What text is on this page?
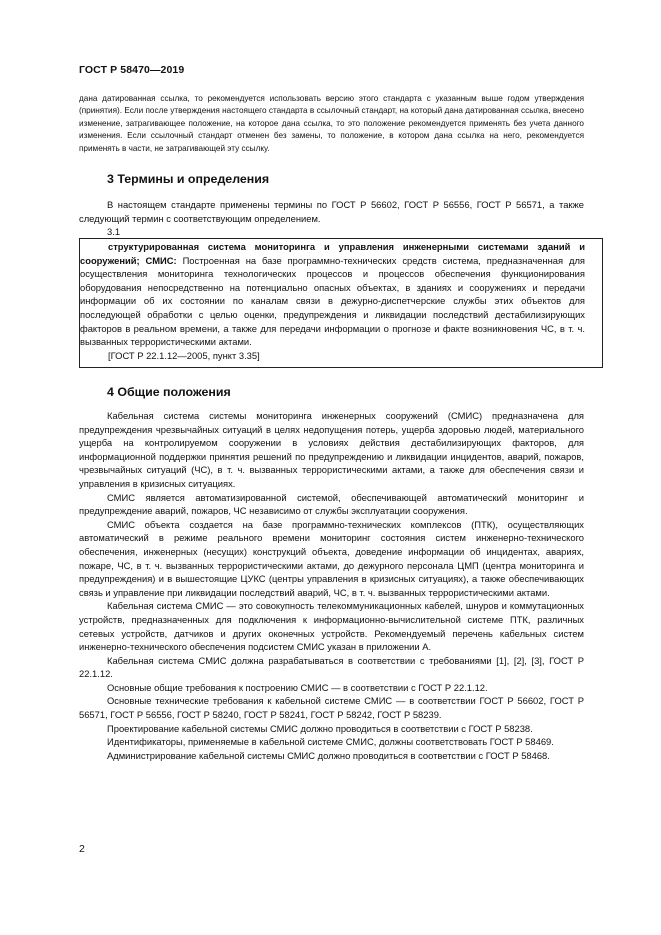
ГОСТ Р 58470—2019

дана датированная ссылка, то рекомендуется использовать версию этого стандарта с указанным выше годом утверждения (принятия). Если после утверждения настоящего стандарта в ссылочный стандарт, на который дана датированная ссылка, внесено изменение, затрагивающее положение, на которое дана ссылка, то это положение рекомендуется применять без учета данного изменения. Если ссылочный стандарт отменен без замены, то положение, в котором дана ссылка на него, рекомендуется применять в части, не затрагивающей эту ссылку.

3 Термины и определения

В настоящем стандарте применены термины по ГОСТ Р 56602, ГОСТ Р 56556, ГОСТ Р 56571, а также следующий термин с соответствующим определением.

3.1

структурированная система мониторинга и управления инженерными системами зданий и сооружений; СМИС: Построенная на базе программно-технических средств система, предназначенная для осуществления мониторинга технологических процессов и процессов обеспечения функционирования оборудования непосредственно на потенциально опасных объектах, в зданиях и сооружениях и передачи информации об их состоянии по каналам связи в дежурно-диспетчерские службы этих объектов для последующей обработки с целью оценки, предупреждения и ликвидации последствий дестабилизирующих факторов в реальном времени, а также для передачи информации о прогнозе и факте возникновения ЧС, в т. ч. вызванных террористическими актами.

[ГОСТ Р 22.1.12—2005, пункт 3.35]

4 Общие положения

Кабельная система системы мониторинга инженерных сооружений (СМИС) предназначена для предупреждения чрезвычайных ситуаций в целях недопущения потерь, ущерба здоровью людей, материального ущерба на контролируемом сооружении в условиях действия дестабилизирующих факторов, для информационной поддержки принятия решений по предупреждению и ликвидации инцидентов, аварий, пожаров, чрезвычайных ситуаций (ЧС), в т. ч. вызванных террористическими актами, а также для обеспечения связи и управления в кризисных ситуациях.

СМИС является автоматизированной системой, обеспечивающей автоматический мониторинг и предупреждение аварий, пожаров, ЧС независимо от службы эксплуатации сооружения.

СМИС объекта создается на базе программно-технических комплексов (ПТК), осуществляющих автоматический в режиме реального времени мониторинг состояния систем инженерно-технического обеспечения, инженерных (несущих) конструкций объекта, доведение информации об инцидентах, авариях, пожаре, ЧС, в т. ч. вызванных террористическими актами, до дежурного персонала ЦМП (центра мониторинга и предупреждения) и в вышестоящие ЦУКС (центры управления в кризисных ситуациях), а также обеспечивающих связь и управление при ликвидации последствий аварий, ЧС, в т. ч. вызванных террористическими актами.

Кабельная система СМИС — это совокупность телекоммуникационных кабелей, шнуров и коммутационных устройств, предназначенных для подключения к информационно-вычислительной системе ПТК, различных сетевых устройств, датчиков и других оконечных устройств. Рекомендуемый перечень кабельных систем инженерно-технического обеспечения подсистем СМИС указан в приложении А.

Кабельная система СМИС должна разрабатываться в соответствии с требованиями [1], [2], [3], ГОСТ Р 22.1.12.

Основные общие требования к построению СМИС — в соответствии с ГОСТ Р 22.1.12.

Основные технические требования к кабельной системе СМИС — в соответствии ГОСТ Р 56602, ГОСТ Р 56571, ГОСТ Р 56556, ГОСТ Р 58240, ГОСТ Р 58241, ГОСТ Р 58242, ГОСТ Р 58239.

Проектирование кабельной системы СМИС должно проводиться в соответствии с ГОСТ Р 58238.

Идентификаторы, применяемые в кабельной системе СМИС, должны соответствовать ГОСТ Р 58469.

Администрирование кабельной системы СМИС должно проводиться в соответствии с ГОСТ Р 58468.

2
